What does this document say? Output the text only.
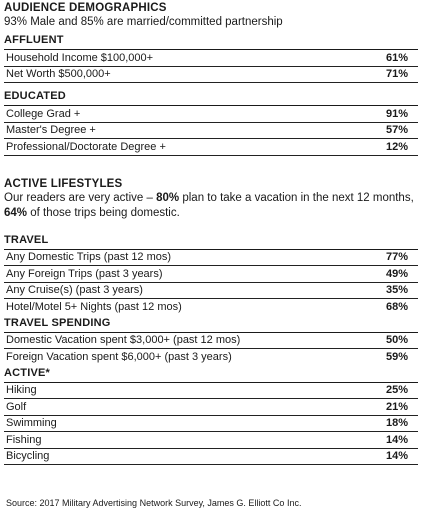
AUDIENCE DEMOGRAPHICS
93% Male and 85% are married/committed partnership
AFFLUENT
Household Income $100,000+	61%
Net Worth $500,000+	71%
EDUCATED
College Grad +	91%
Master's Degree +	57%
Professional/Doctorate Degree +	12%
ACTIVE LIFESTYLES
Our readers are very active – 80% plan to take a vacation in the next 12 months, 64% of those trips being domestic.
TRAVEL
Any Domestic Trips (past 12 mos)	77%
Any Foreign Trips (past 3 years)	49%
Any Cruise(s) (past 3 years)	35%
Hotel/Motel 5+ Nights (past 12 mos)	68%
TRAVEL SPENDING
Domestic Vacation spent $3,000+ (past 12 mos)	50%
Foreign Vacation spent $6,000+ (past 3 years)	59%
ACTIVE*
Hiking	25%
Golf	21%
Swimming	18%
Fishing	14%
Bicycling	14%
Source: 2017 Military Advertising Network Survey, James G. Elliott Co Inc.
